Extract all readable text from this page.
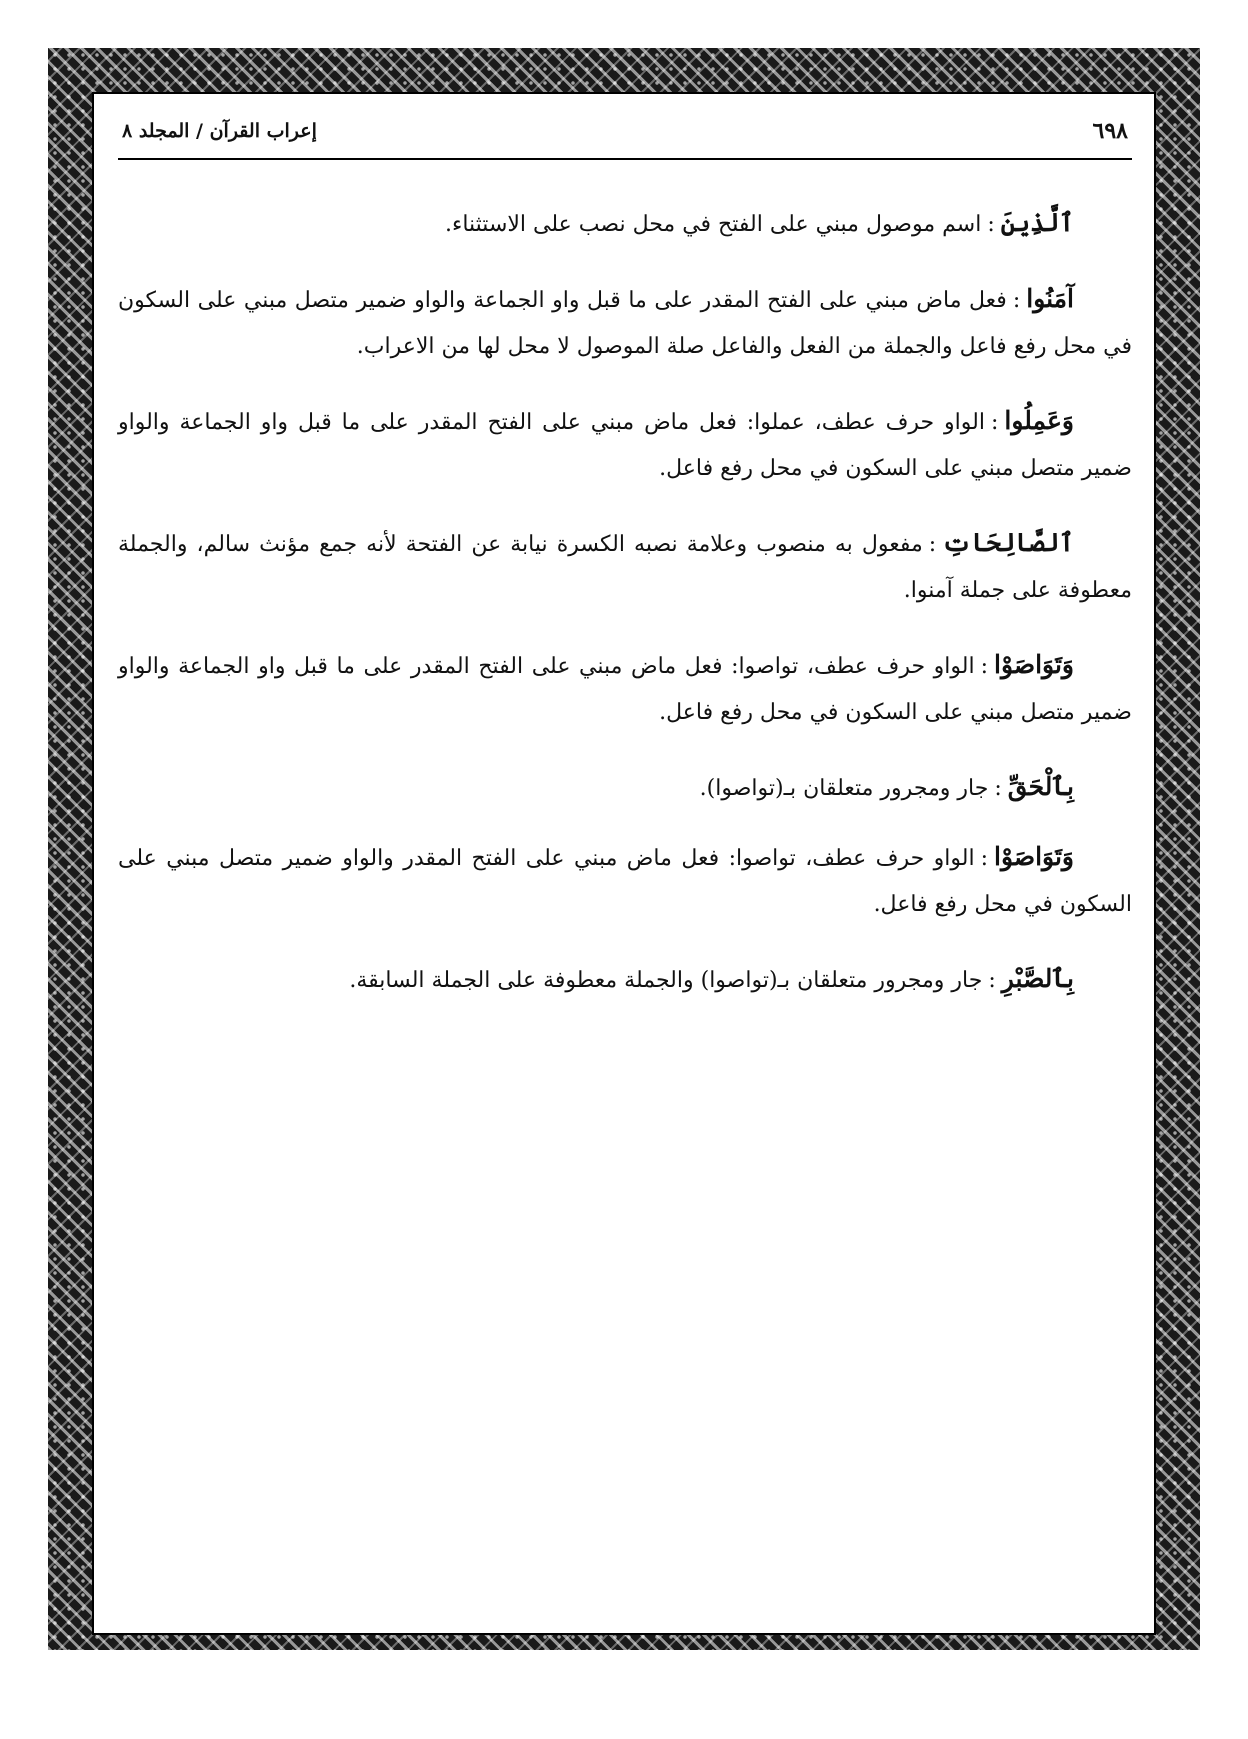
٦٩٨
إعراب القرآن / المجلد ٨

ٱلَّذِينَ:اسم موصول مبني على الفتح في محل نصب على الاستثناء.

آمَنُوا:فعل ماض مبني على الفتح المقدر على ما قبل واو الجماعة والواو ضمير متصل مبني على السكون في محل رفع فاعل والجملة من الفعل والفاعل صلة الموصول لا محل لها من الاعراب.

وَعَمِلُوا:الواو حرف عطف، عملوا: فعل ماض مبني على الفتح المقدر على ما قبل واو الجماعة والواو ضمير متصل مبني على السكون في محل رفع فاعل.

ٱلصَّالِحَاتِ:مفعول به منصوب وعلامة نصبه الكسرة نيابة عن الفتحة لأنه جمع مؤنث سالم، والجملة معطوفة على جملة آمنوا.

وَتَوَاصَوْا:الواو حرف عطف، تواصوا: فعل ماض مبني على الفتح المقدر على ما قبل واو الجماعة والواو ضمير متصل مبني على السكون في محل رفع فاعل.

بِٱلْحَقِّ:جار ومجرور متعلقان بـ(تواصوا).

وَتَوَاصَوْا:الواو حرف عطف، تواصوا: فعل ماض مبني على الفتح المقدر والواو ضمير متصل مبني على السكون في محل رفع فاعل.

بِٱلصَّبْرِ:جار ومجرور متعلقان بـ(تواصوا) والجملة معطوفة على الجملة السابقة.
